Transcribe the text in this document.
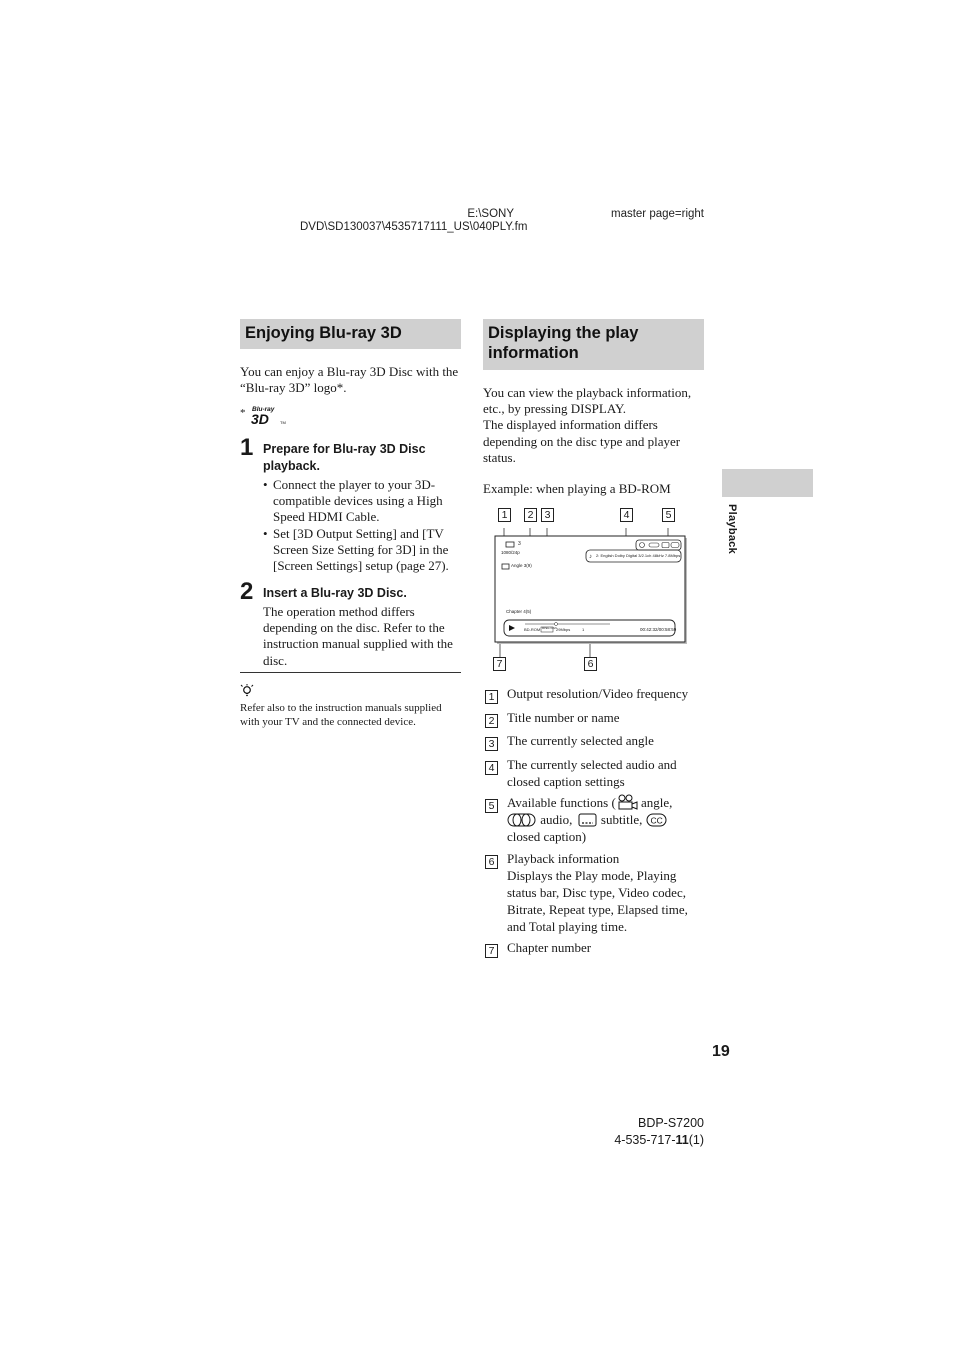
E:\SONY
DVD\SD130037\4535717111_US\040PLY.fm
master page=right
Enjoying Blu-ray 3D
You can enjoy a Blu-ray 3D Disc with the “Blu-ray 3D” logo*.
* Blu-ray
3D	TM
1 Prepare for Blu-ray 3D Disc playback.
• Connect the player to your 3D-compatible devices using a High Speed HDMI Cable.
• Set [3D Output Setting] and [TV Screen Size Setting for 3D] in the [Screen Settings] setup (page 27).
2 Insert a Blu-ray 3D Disc.
The operation method differs depending on the disc. Refer to the instruction manual supplied with the disc.
Refer also to the instruction manuals supplied with your TV and the connected device.
Displaying the play information
You can view the playback information, etc., by pressing DISPLAY.
The displayed information differs depending on the disc type and player status.
Example: when playing a BD-ROM
♪
3
1080/24p
Angle 3(9)
2: English Dolby Digital 3/2.1ch 48kHz 7.8Mbps
Chapter 4(5)
BD-ROM MPEG-4 AVC
29Mbps	1	00:42:32/00:58:59
1	2	3	4	5
7	6
1 Output resolution/Video frequency
2 Title number or name
3 The currently selected angle
4 The currently selected audio and closed caption settings
5 Available functions ( angle,
audio,  subtitle, CC

closed caption)
6 Playback information
Displays the Play mode, Playing status bar, Disc type, Video codec, Bitrate, Repeat type, Elapsed time, and Total playing time.
7 Chapter number
Playback
19
BDP-S7200
4-535-717-11(1)
